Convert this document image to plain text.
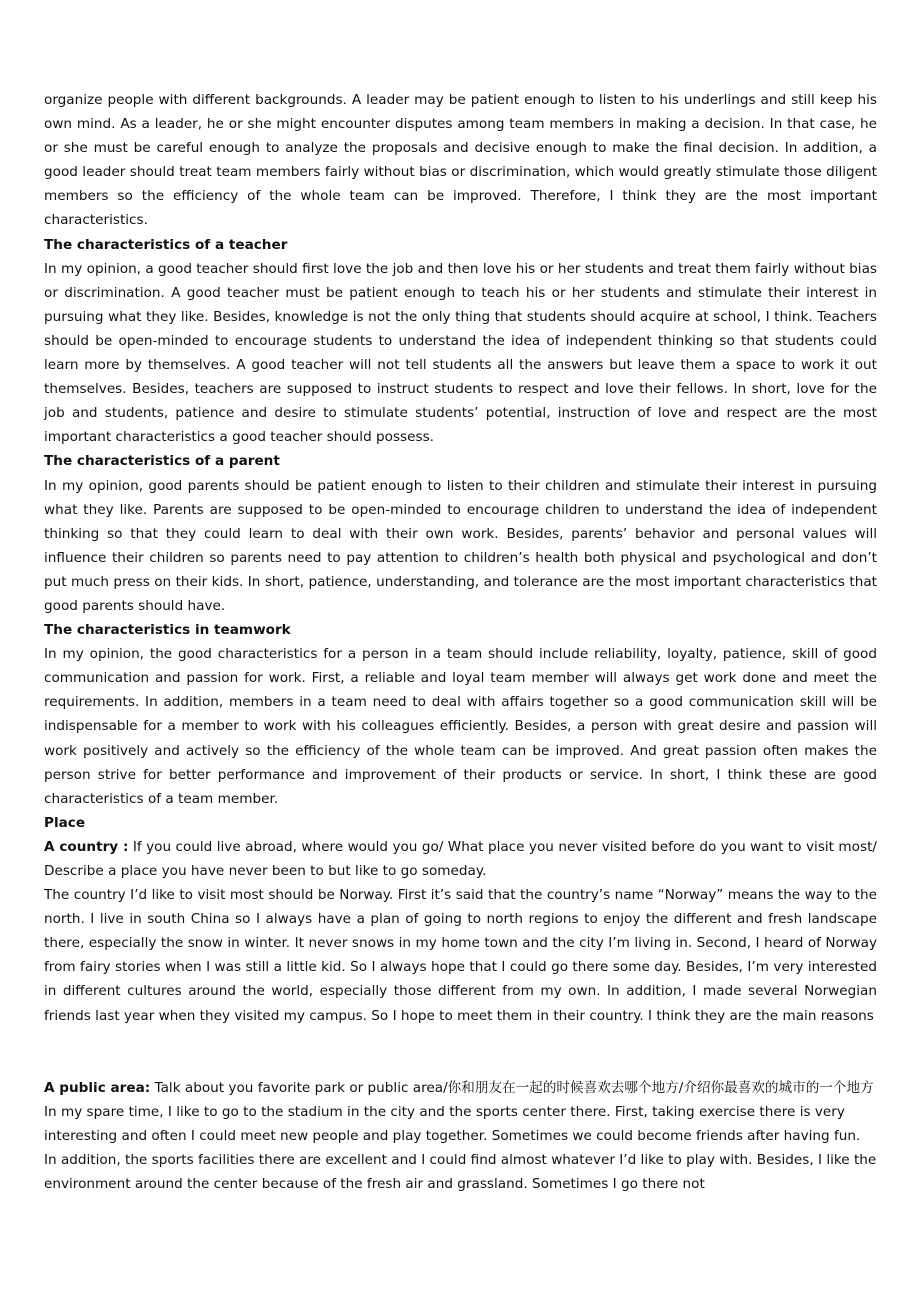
organize people with different backgrounds. A leader may be patient enough to listen to his underlings and still keep his own mind. As a leader, he or she might encounter disputes among team members in making a decision. In that case, he or she must be careful enough to analyze the proposals and decisive enough to make the final decision. In addition, a good leader should treat team members fairly without bias or discrimination, which would greatly stimulate those diligent members so the efficiency of the whole team can be improved. Therefore, I think they are the most important characteristics.

The characteristics of a teacher

In my opinion, a good teacher should first love the job and then love his or her students and treat them fairly without bias or discrimination. A good teacher must be patient enough to teach his or her students and stimulate their interest in pursuing what they like. Besides, knowledge is not the only thing that students should acquire at school, I think. Teachers should be open-minded to encourage students to understand the idea of independent thinking so that students could learn more by themselves. A good teacher will not tell students all the answers but leave them a space to work it out themselves. Besides, teachers are supposed to instruct students to respect and love their fellows. In short, love for the job and students, patience and desire to stimulate students’ potential, instruction of love and respect are the most important characteristics a good teacher should possess.

The characteristics of a parent

In my opinion, good parents should be patient enough to listen to their children and stimulate their interest in pursuing what they like. Parents are supposed to be open-minded to encourage children to understand the idea of independent thinking so that they could learn to deal with their own work. Besides, parents’ behavior and personal values will influence their children so parents need to pay attention to children’s health both physical and psychological and don’t put much press on their kids. In short, patience, understanding, and tolerance are the most important characteristics that good parents should have.

The characteristics in teamwork

In my opinion, the good characteristics for a person in a team should include reliability, loyalty, patience, skill of good communication and passion for work. First, a reliable and loyal team member will always get work done and meet the requirements. In addition, members in a team need to deal with affairs together so a good communication skill will be indispensable for a member to work with his colleagues efficiently. Besides, a person with great desire and passion will work positively and actively so the efficiency of the whole team can be improved. And great passion often makes the person strive for better performance and improvement of their products or service. In short, I think these are good characteristics of a team member.

Place

A country : If you could live abroad, where would you go/ What place you never visited before do you want to visit most/ Describe a place you have never been to but like to go someday.

The country I’d like to visit most should be Norway. First it’s said that the country’s name “Norway” means the way to the north. I live in south China so I always have a plan of going to north regions to enjoy the different and fresh landscape there, especially the snow in winter. It never snows in my home town and the city I’m living in. Second, I heard of Norway from fairy stories when I was still a little kid. So I always hope that I could go there some day. Besides, I’m very interested in different cultures around the world, especially those different from my own. In addition, I made several Norwegian friends last year when they visited my campus. So I hope to meet them in their country. I think they are the main reasons

A public area: Talk about you favorite park or public area/你和朋友在一起的时候喜欢去哪个地方/介绍你最喜欢的城市的一个地方

In my spare time, I like to go to the stadium in the city and the sports center there. First, taking exercise there is very interesting and often I could meet new people and play together. Sometimes we could become friends after having fun. In addition, the sports facilities there are excellent and I could find almost whatever I’d like to play with. Besides, I like the environment around the center because of the fresh air and grassland. Sometimes I go there not
